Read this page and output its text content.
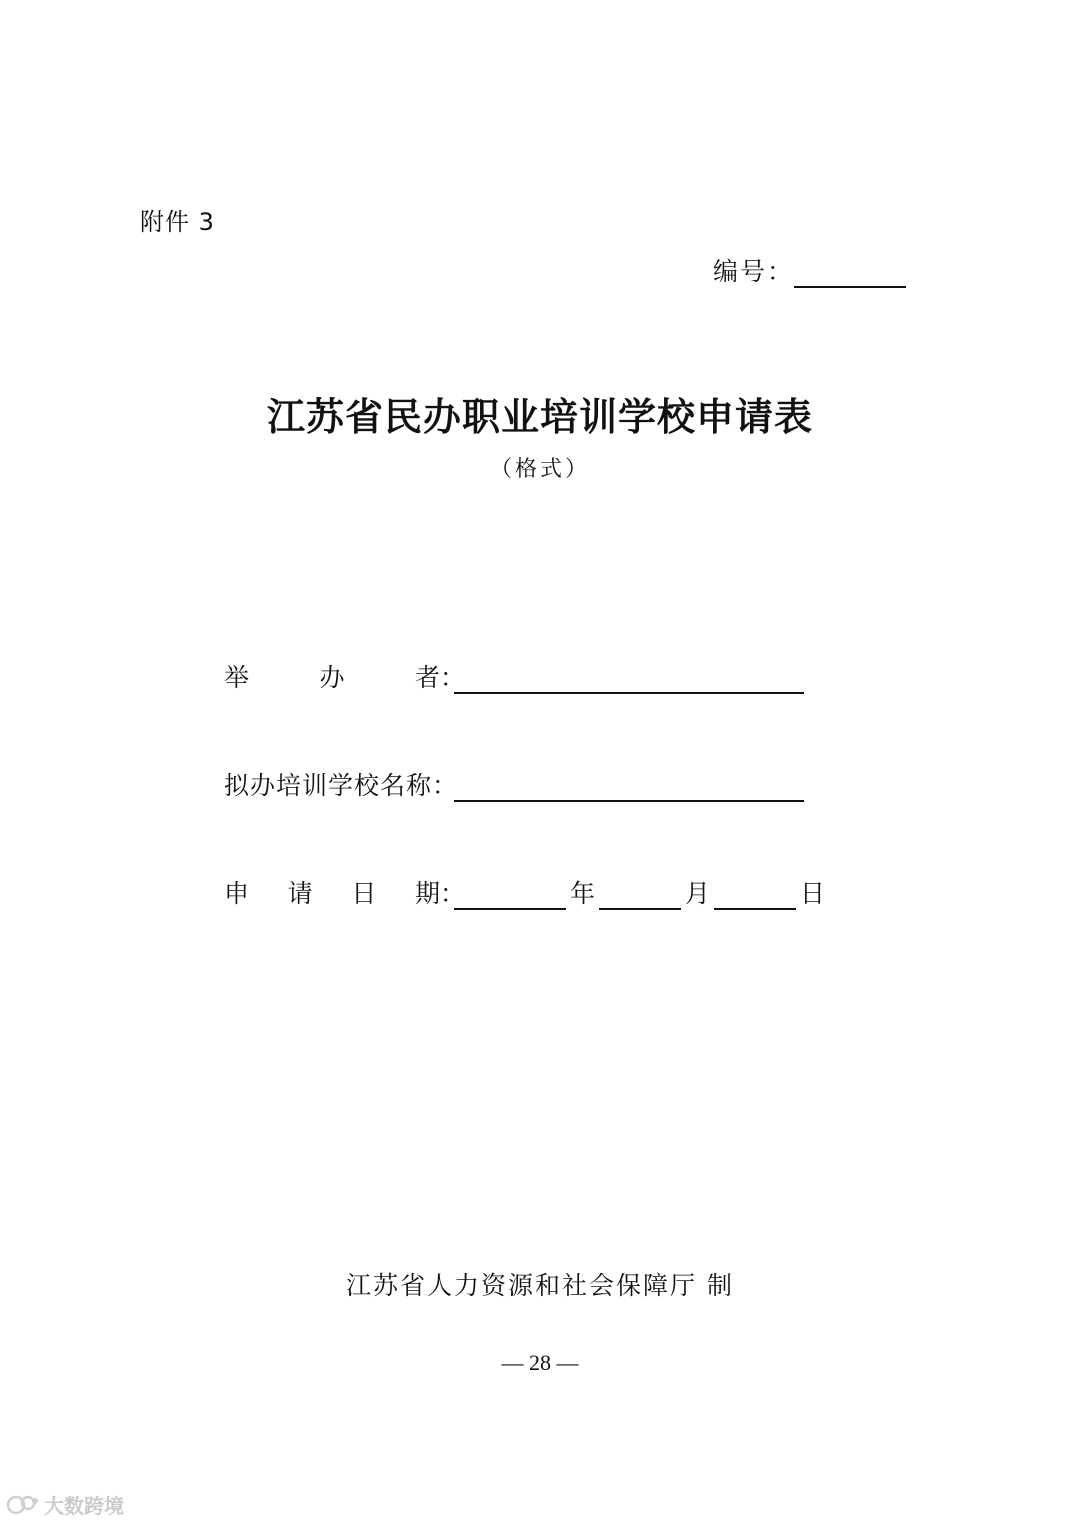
附件 3
编号：
江苏省民办职业培训学校申请表
（格式）
举	办	者 ：
拟办培训学校名称：
申 请 日 期 ：	年	月	日
江苏省人力资源和社会保障厅 制
— 28 —
大数跨境
